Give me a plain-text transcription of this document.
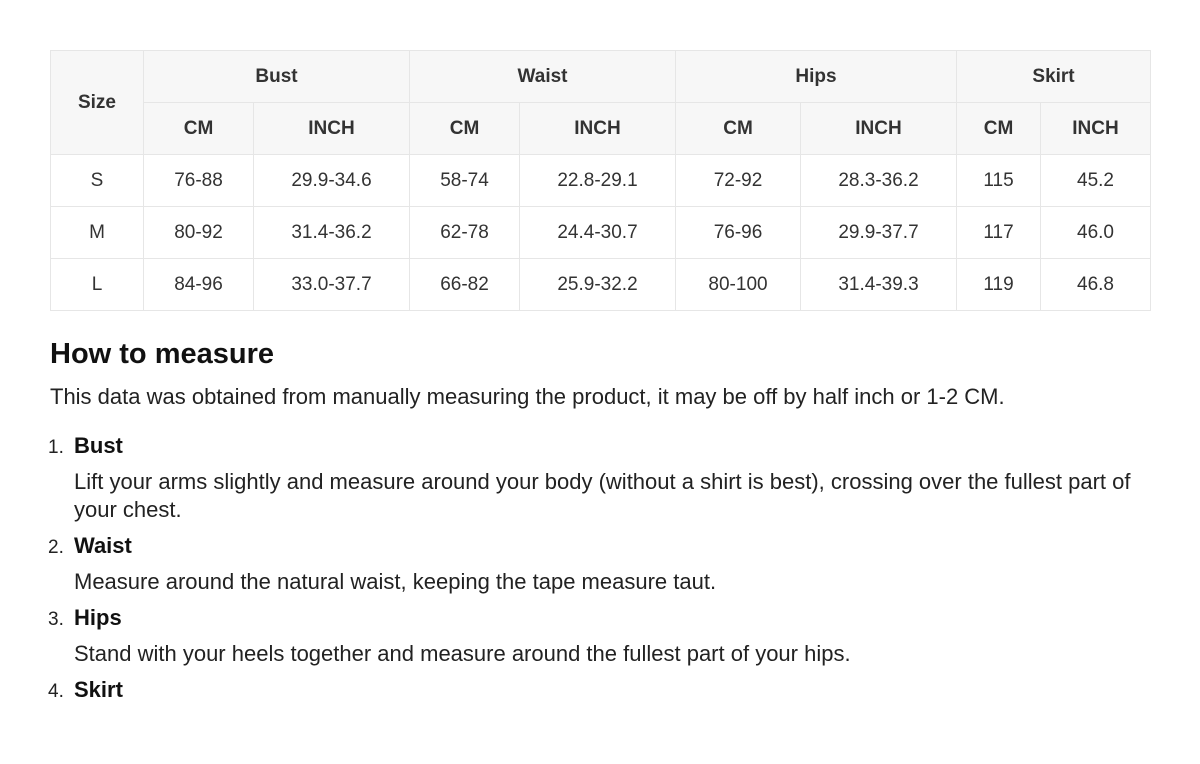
Size	Bust		Waist		Hips		Skirt	
	CM	INCH	CM	INCH	CM	INCH	CM	INCH
S	76-88	29.9-34.6	58-74	22.8-29.1	72-92	28.3-36.2	115	45.2
M	80-92	31.4-36.2	62-78	24.4-30.7	76-96	29.9-37.7	117	46.0
L	84-96	33.0-37.7	66-82	25.9-32.2	80-100	31.4-39.3	119	46.8
How to measure

This data was obtained from manually measuring the product, it may be off by half inch or 1-2 CM.

1. Bust
Lift your arms slightly and measure around your body (without a shirt is best), crossing over the fullest part of your chest.
2. Waist
Measure around the natural waist, keeping the tape measure taut.
3. Hips
Stand with your heels together and measure around the fullest part of your hips.
4. Skirt
